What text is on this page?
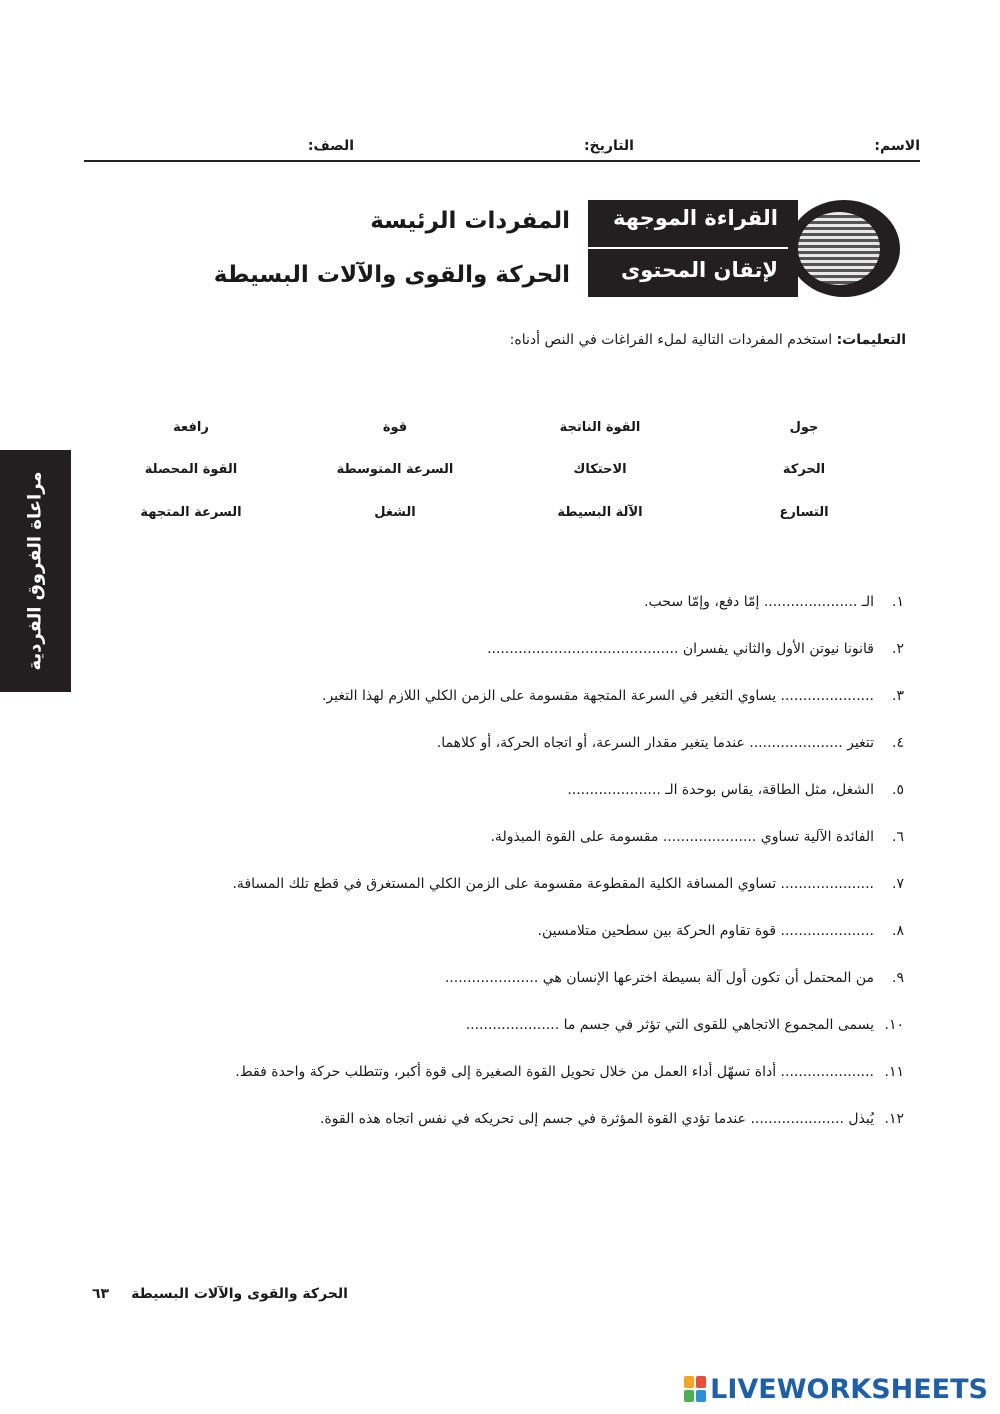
الاسم:
التاريخ:
الصف:
القراءة الموجهة
لإتقان المحتوى
المفردات الرئيسة
الحركة والقوى والآلات البسيطة
التعليمات: استخدم المفردات التالية لملء الفراغات في النص أدناه:
جول
الحركة
التسارع
القوة الناتجة
الاحتكاك
الآلة البسيطة
قوة
السرعة المتوسطة
الشغل
رافعة
القوة المحصلة
السرعة المتجهة
مراعاة الفروق الفردية	١.الـ ..................... إمّا دفع، وإمّا سحب.
٢.قانونا نيوتن الأول والثاني يفسران ...........................................
٣...................... يساوي التغير في السرعة المتجهة مقسومة على الزمن الكلي اللازم لهذا التغير.
٤.تتغير ..................... عندما يتغير مقدار السرعة، أو اتجاه الحركة، أو كلاهما.
٥.الشغل، مثل الطاقة، يقاس بوحدة الـ .....................
٦.الفائدة الآلية تساوي ..................... مقسومة على القوة المبذولة.
٧...................... تساوي المسافة الكلية المقطوعة مقسومة على الزمن الكلي المستغرق في قطع تلك المسافة.
٨...................... قوة تقاوم الحركة بين سطحين متلامسين.
٩.من المحتمل أن تكون أول آلة بسيطة اخترعها الإنسان هي .....................
١٠.يسمى المجموع الاتجاهي للقوى التي تؤثر في جسم ما .....................
١١...................... أداة تسهّل أداء العمل من خلال تحويل القوة الصغيرة إلى قوة أكبر، وتتطلب حركة واحدة فقط.
١٢.يُبذل ..................... عندما تؤدي القوة المؤثرة في جسم إلى تحريكه في نفس اتجاه هذه القوة.
الحركة والقوى والآلات البسيطة٦٣
LIVEWORKSHEETS
